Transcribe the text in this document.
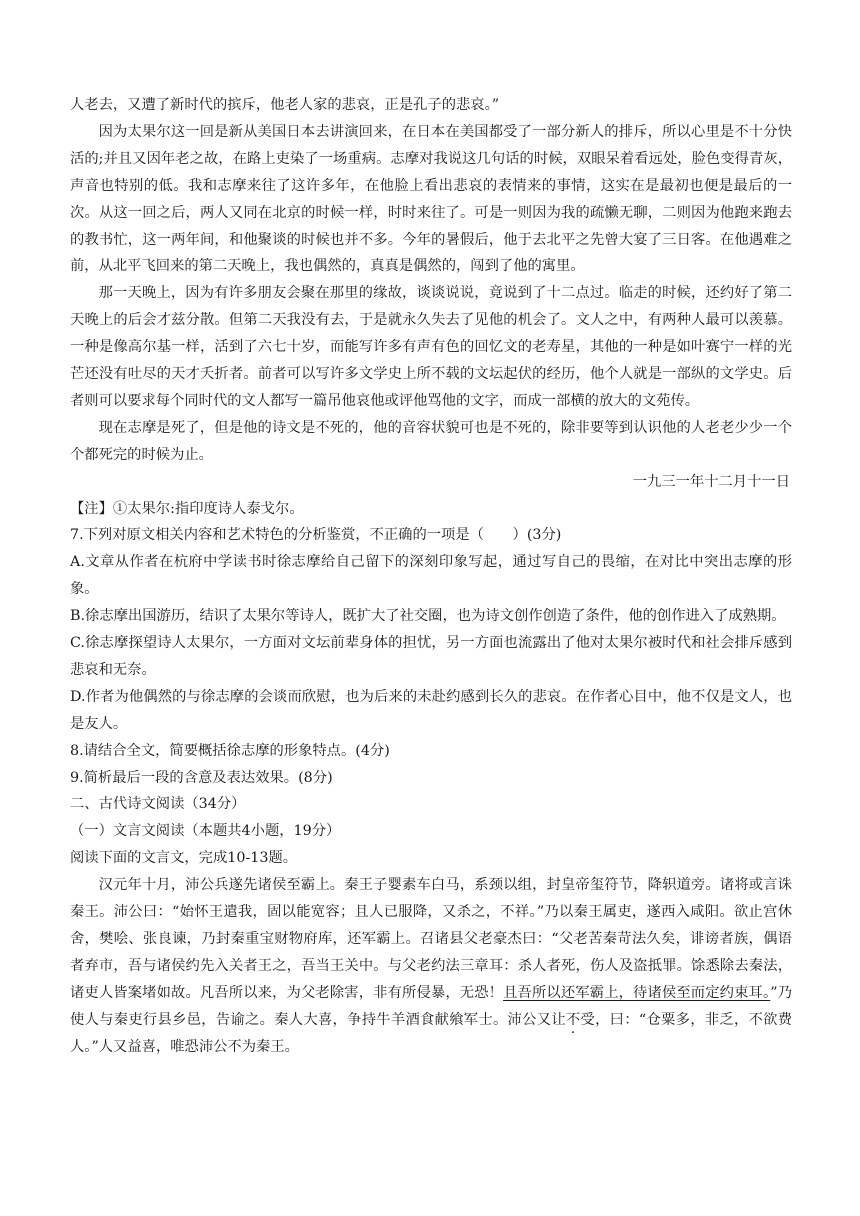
人老去，又遭了新时代的摈斥，他老人家的悲哀，正是孔子的悲哀。”

因为太果尔这一回是新从美国日本去讲演回来，在日本在美国都受了一部分新人的排斥，所以心里是不十分快活的;并且又因年老之故，在路上吏染了一场重病。志摩对我说这几句话的时候，双眼呆着看远处，脸色变得青灰，声音也特别的低。我和志摩来往了这许多年，在他脸上看出悲哀的表情来的事情，这实在是最初也便是最后的一次。从这一回之后，两人又同在北京的时候一样，时时来往了。可是一则因为我的疏懒无聊，二则因为他跑来跑去的教书忙，这一两年间，和他聚谈的时候也并不多。今年的暑假后，他于去北平之先曾大宴了三日客。在他遇难之前，从北平飞回来的第二天晚上，我也偶然的，真真是偶然的，闯到了他的寓里。

那一天晚上，因为有许多朋友会聚在那里的缘故，谈谈说说，竟说到了十二点过。临走的时候，还约好了第二天晚上的后会才兹分散。但第二天我没有去，于是就永久失去了见他的机会了。文人之中，有两种人最可以羡慕。一种是像高尔基一样，活到了六七十岁，而能写许多有声有色的回忆文的老寿星，其他的一种是如叶赛宁一样的光芒还没有吐尽的天才夭折者。前者可以写许多文学史上所不载的文坛起伏的经历，他个人就是一部纵的文学史。后者则可以要求每个同时代的文人都写一篇吊他哀他或评他骂他的文字，而成一部横的放大的文苑传。

现在志摩是死了，但是他的诗文是不死的，他的音容状貌可也是不死的，除非要等到认识他的人老老少少一个个都死完的时候为止。

一九三一年十二月十一日
【注】①太果尔:指印度诗人泰戈尔。
7.下列对原文相关内容和艺术特色的分析鉴赏，不正确的一项是（　　）(3分)

A.文章从作者在杭府中学读书时徐志摩给自己留下的深刻印象写起，通过写自己的畏缩，在对比中突出志摩的形象。

B.徐志摩出国游历，结识了太果尔等诗人，既扩大了社交圈，也为诗文创作创造了条件，他的创作进入了成熟期。

C.徐志摩探望诗人太果尔，一方面对文坛前辈身体的担忧，另一方面也流露出了他对太果尔被时代和社会排斥感到悲哀和无奈。

D.作者为他偶然的与徐志摩的会谈而欣慰，也为后来的未赴约感到长久的悲哀。在作者心目中，他不仅是文人，也是友人。

8.请结合全文，简要概括徐志摩的形象特点。(4分)
9.简析最后一段的含意及表达效果。(8分)
二、古代诗文阅读（34分）
（一）文言文阅读（本题共4小题，19分）
阅读下面的文言文，完成10-13题。

汉元年十月，沛公兵遂先诸侯至霸上。秦王子婴素车白马，系颈以组，封皇帝玺符节，降轵道旁。诸将或言诛秦王。沛公曰：“始怀王遣我，固以能宽容；且人已服降，又杀之，不祥。”乃以秦王属吏，遂西入咸阳。欲止宫休舍，樊哙、张良谏，乃封秦重宝财物府库，还军霸上。召诸县父老豪杰曰：“父老苦秦苛法久矣，诽谤者族，偶语者弃市，吾与诸侯约先入关者王之，吾当王关中。与父老约法三章耳：杀人者死，伤人及盗抵罪。馀悉除去秦法，诸吏人皆案堵如故。凡吾所以来，为父老除害，非有所侵暴，无恐！且吾所以还军霸上，待诸侯至而定约束耳。”乃使人与秦吏行县乡邑，告谕之。秦人大喜，争持牛羊酒食献飨军士。沛公又让不受，曰：“仓粟多，非乏，不欲费人。”人又益喜，唯恐沛公不为秦王。
